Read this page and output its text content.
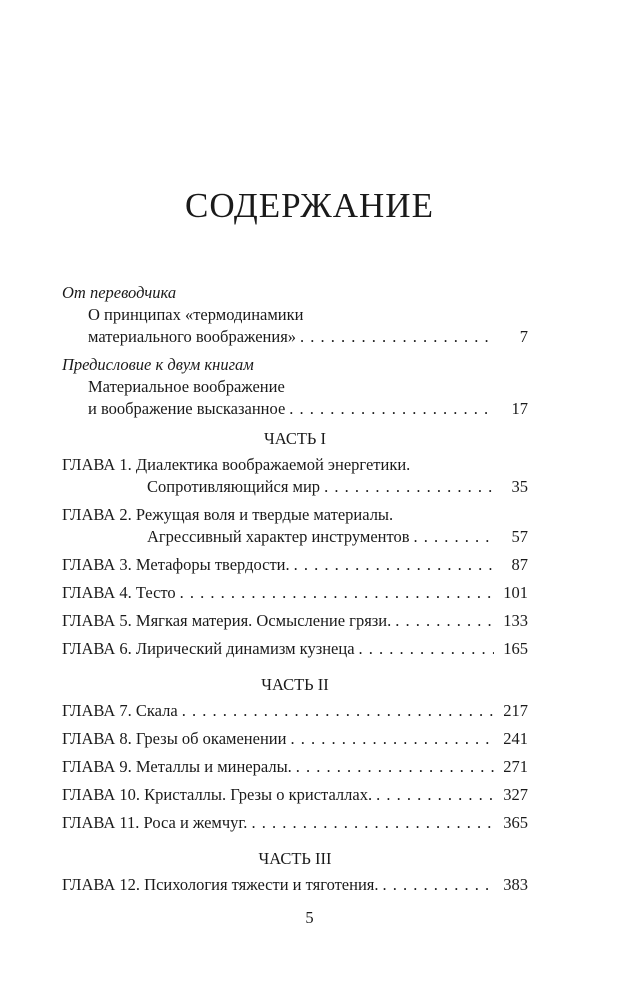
СОДЕРЖАНИЕ
От переводчика
О принципах «термодинамики
материального воображения» . . .	7
Предисловие к двум книгам
Материальное воображение
и воображение высказанное . . .	17
ЧАСТЬ I
ГЛАВА 1. Диалектика воображаемой энергетики.
Сопротивляющийся мир . . .	35
ГЛАВА 2. Режущая воля и твердые материалы.
Агрессивный характер инструментов . . .	57
ГЛАВА 3. Метафоры твердости. . . .	87
ГЛАВА 4. Тесто . . .	101
ГЛАВА 5. Мягкая материя. Осмысление грязи. . . .	133
ГЛАВА 6. Лирический динамизм кузнеца . . .	165
ЧАСТЬ II
ГЛАВА 7. Скала . . .	217
ГЛАВА 8. Грезы об окаменении . . .	241
ГЛАВА 9. Металлы и минералы. . . .	271
ГЛАВА 10. Кристаллы. Грезы о кристаллах. . . .	327
ГЛАВА 11. Роса и жемчуг. . . .	365
ЧАСТЬ III
ГЛАВА 12. Психология тяжести и тяготения. . . .	383
5
